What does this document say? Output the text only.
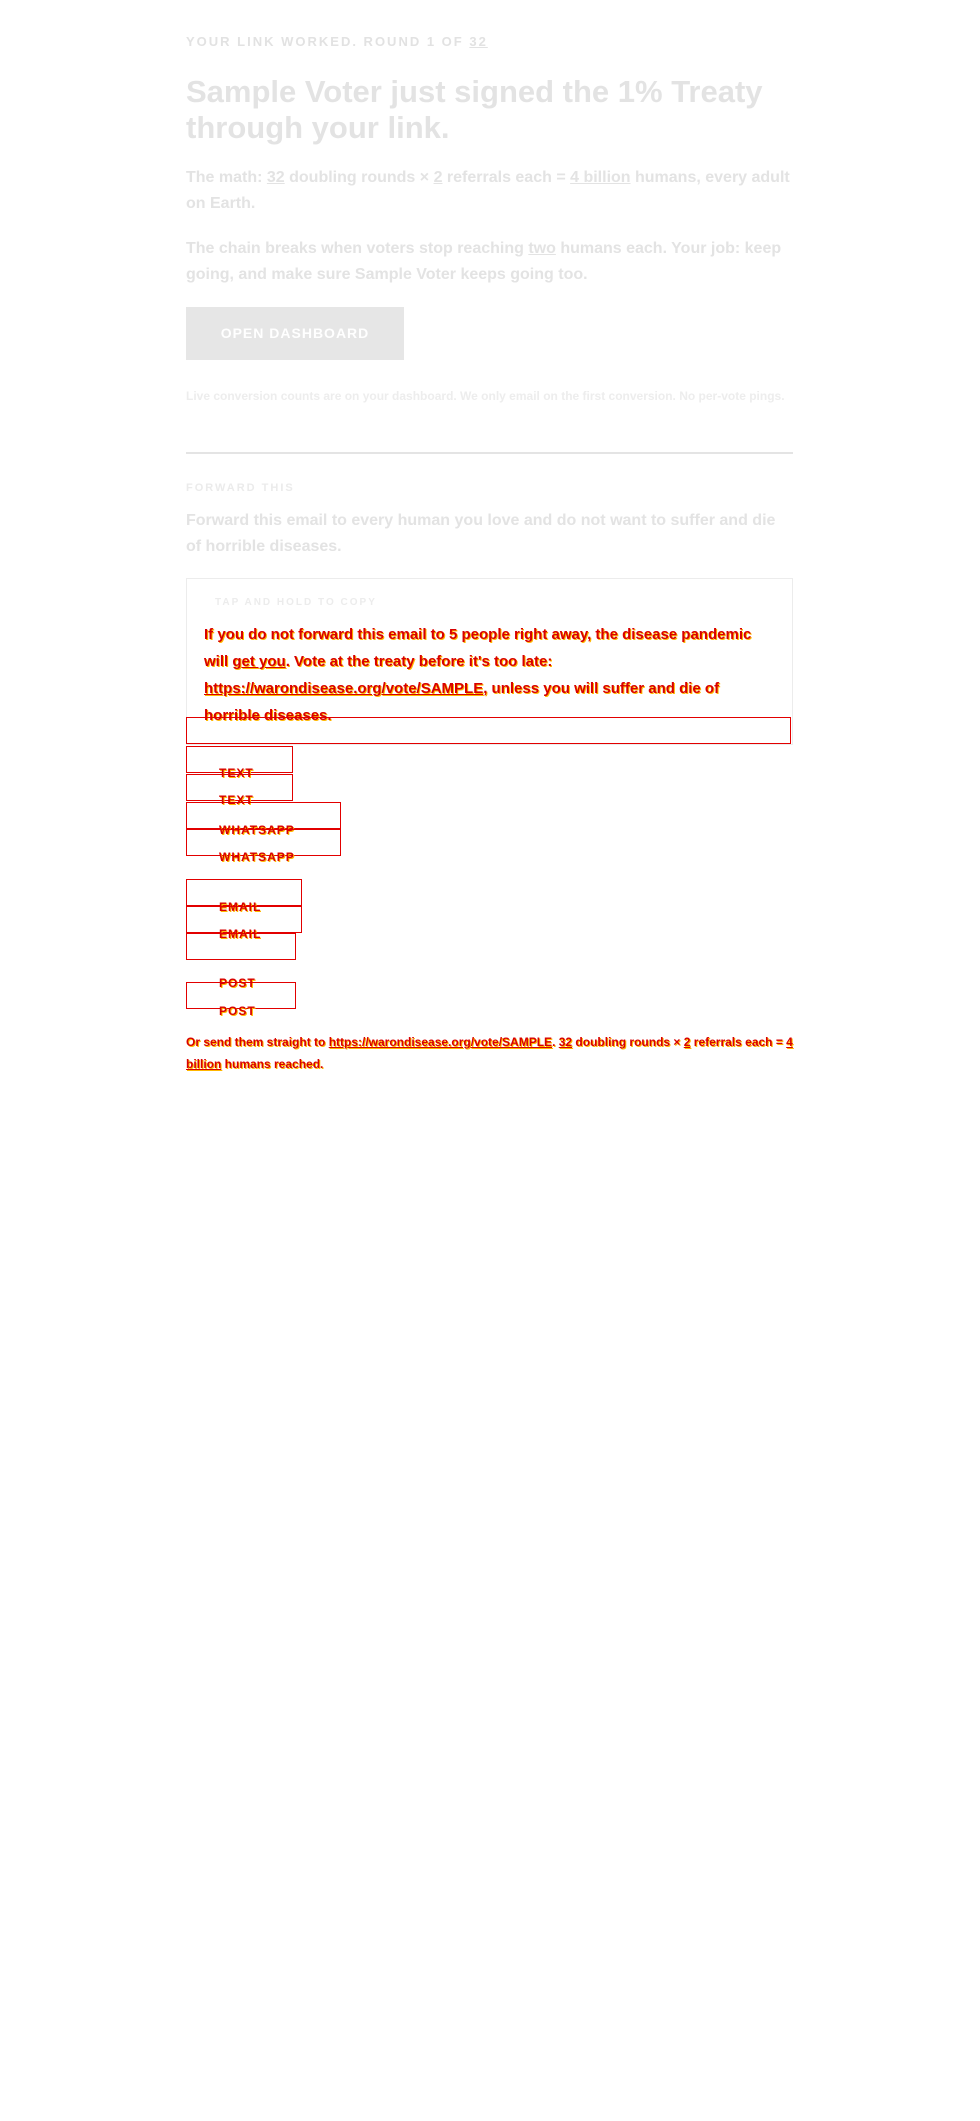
YOUR LINK WORKED. ROUND 1 OF 32
Sample Voter just signed the 1% Treaty through your link.
The math: 32 doubling rounds × 2 referrals each = 4 billion humans, every adult on Earth.
The chain breaks when voters stop reaching two humans each. Your job: keep going, and make sure Sample Voter keeps going too.
OPEN DASHBOARD
Live conversion counts are on your dashboard. We only email on the first conversion. No per-vote pings.
FORWARD THIS
Forward this email to every human you love and do not want to suffer and die of horrible diseases.
TAP AND HOLD TO COPY
If you do not forward this email to 5 people right away, the disease pandemic will get you. Vote at the treaty before it's too late: https://warondisease.org/vote/SAMPLE, unless you will suffer and die of horrible diseases.
TEXT
TEXT
WHATSAPP
WHATSAPP
EMAIL
EMAIL
POST
POST
Or send them straight to https://warondisease.org/vote/SAMPLE. 32 doubling rounds × 2 referrals each = 4 billion humans reached.
